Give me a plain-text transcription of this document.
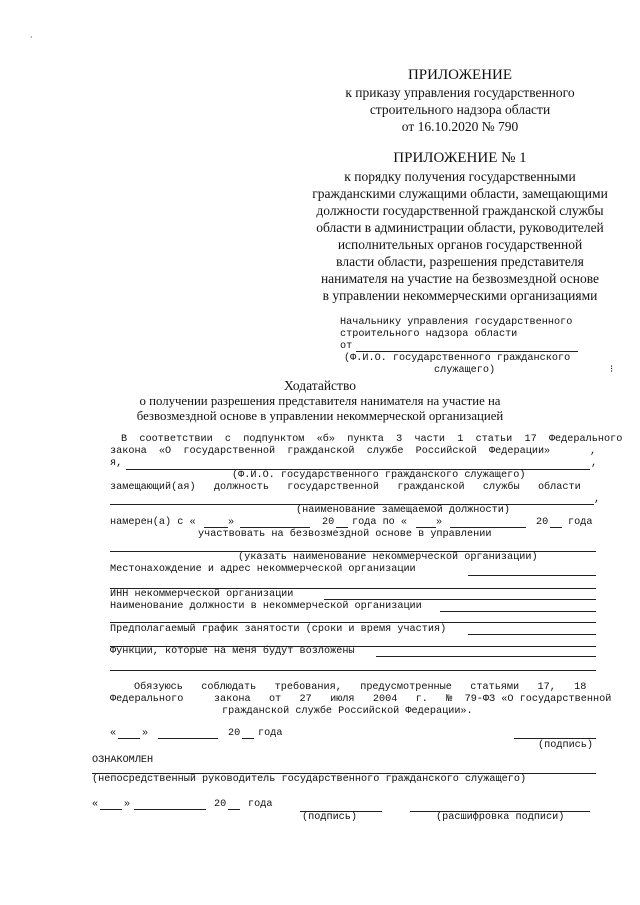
·
⁝
ПРИЛОЖЕНИЕ
к приказу управления государственного
строительного надзора области
от 16.10.2020 № 790
ПРИЛОЖЕНИЕ № 1
к порядку получения государственными
гражданскими служащими области, замещающими
должности государственной гражданской службы
области в администрации области, руководителей
исполнительных органов государственной
власти области, разрешения представителя
нанимателя на участие на безвозмездной основе
в управлении некоммерческими организациями
Начальнику управления государственного
строительного надзора области
от
(Ф.И.О. государственного гражданского
служащего)
Ходатайство
о получении разрешения представителя нанимателя на участие на
безвозмездной основе в управлении некоммерческой организацией
В  соответствии  с  подпунктом  «б»  пункта  3  части  1  статьи  17  Федерального
закона  «О  государственной  гражданской  службе  Российской  Федерации»	,
я,	,
(Ф.И.О. государственного гражданского служащего)
замещающий(ая)   должность   государственной   гражданской   службы   области
,
(наименование замещаемой должности)
намерен(а) с «	»	20 года по «	»	20 года
участвовать на безвозмездной основе в управлении
(указать наименование некоммерческой организации)
Местонахождение и адрес некоммерческой организации
ИНН некоммерческой организации
Наименование должности в некоммерческой организации
Предполагаемый график занятости (сроки и время участия)
Функции, которые на меня будут возложены
Обязуюсь   соблюдать   требования,   предусмотренные   статьями   17,   18
Федерального     закона   от   27   июля   2004   г.   №  79-ФЗ «О государственной
гражданской службе Российской Федерации».
«	»	20 года
(подпись)
ОЗНАКОМЛЕН
(непосредственный руководитель государственного гражданского служащего)
«	»	20 года
(подпись)	(расшифровка подписи)
